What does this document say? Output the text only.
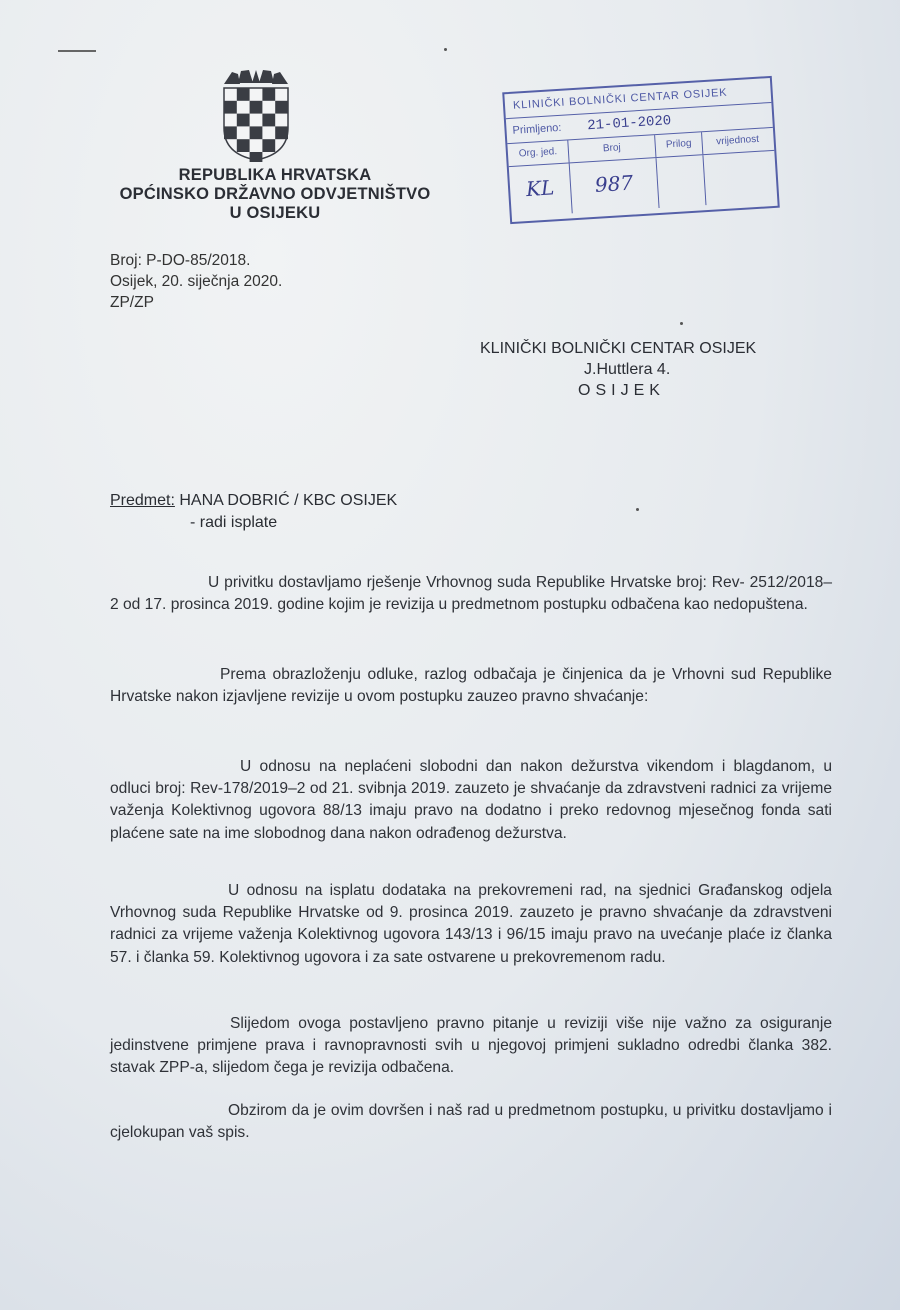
REPUBLIKA HRVATSKA
OPĆINSKO DRŽAVNO ODVJETNIŠTVO
U OSIJEKU
Broj: P-DO-85/2018.
Osijek, 20. siječnja 2020.
ZP/ZP
KLINIČKI BOLNIČKI CENTAR OSIJEK
Primljeno:	21-01-2020
Org. jed.	Broj	Prilog	vrijednost
KL	987
KLINIČKI BOLNIČKI CENTAR OSIJEK
J.Huttlera 4.
OSIJEK
Predmet: HANA DOBRIĆ / KBC OSIJEK
- radi isplate

U privitku dostavljamo rješenje Vrhovnog suda Republike Hrvatske broj: Rev- 2512/2018–2 od 17. prosinca 2019. godine kojim je revizija u predmetnom postupku odbačena kao nedopuštena.

Prema obrazloženju odluke, razlog odbačaja je činjenica da je Vrhovni sud Republike Hrvatske nakon izjavljene revizije u ovom postupku zauzeo pravno shvaćanje:

U odnosu na neplaćeni slobodni dan nakon dežurstva vikendom i blagdanom, u odluci broj: Rev-178/2019–2 od 21. svibnja 2019. zauzeto je shvaćanje da zdravstveni radnici za vrijeme važenja Kolektivnog ugovora 88/13 imaju pravo na dodatno i preko redovnog mjesečnog fonda sati plaćene sate na ime slobodnog dana nakon odrađenog dežurstva.

U odnosu na isplatu dodataka na prekovremeni rad, na sjednici Građanskog odjela Vrhovnog suda Republike Hrvatske od 9. prosinca 2019. zauzeto je pravno shvaćanje da zdravstveni radnici za vrijeme važenja Kolektivnog ugovora 143/13 i 96/15 imaju pravo na uvećanje plaće iz članka 57. i članka 59. Kolektivnog ugovora i za sate ostvarene u prekovremenom radu.

Slijedom ovoga postavljeno pravno pitanje u reviziji više nije važno za osiguranje jedinstvene primjene prava i ravnopravnosti svih u njegovoj primjeni sukladno odredbi članka 382. stavak ZPP-a, slijedom čega je revizija odbačena.

Obzirom da je ovim dovršen i naš rad u predmetnom postupku, u privitku dostavljamo i cjelokupan vaš spis.
